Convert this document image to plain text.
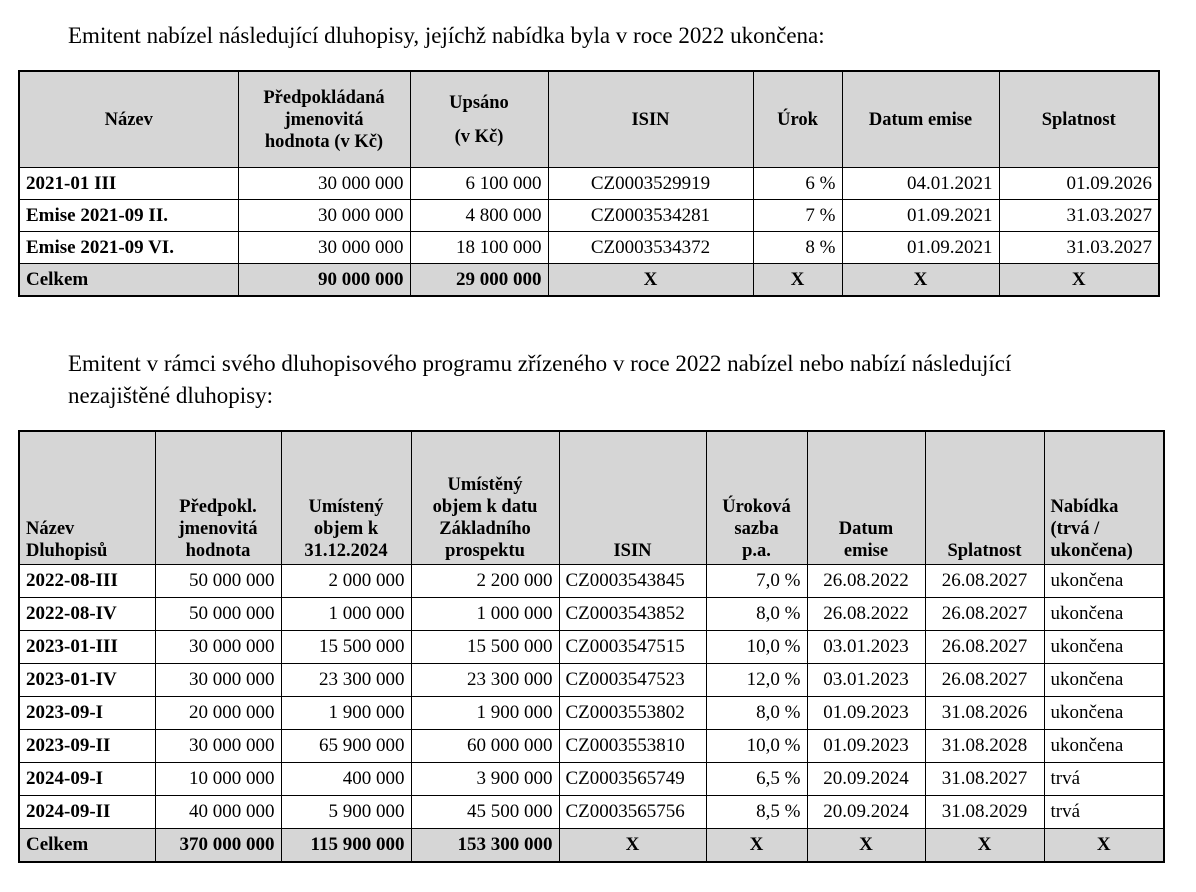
Emitent nabízel následující dluhopisy, jejíchž nabídka byla v roce 2022 ukončena:

Název	Předpokládaná
jmenovitá
hodnota (v Kč)	Upsáno
(v Kč)	ISIN	Úrok	Datum emise	Splatnost
2021-01 III	30 000 000	6 100 000	CZ0003529919	6 %	04.01.2021	01.09.2026
Emise 2021-09 II.	30 000 000	4 800 000	CZ0003534281	7 %	01.09.2021	31.03.2027
Emise 2021-09 VI.	30 000 000	18 100 000	CZ0003534372	8 %	01.09.2021	31.03.2027
Celkem	90 000 000	29 000 000	X	X	X	X

Emitent v rámci svého dluhopisového programu zřízeného v roce 2022 nabízel nebo nabízí následující
nezajištěné dluhopisy:

Název
Dluhopisů	Předpokl.
jmenovitá
hodnota	Umístený
objem k
31.12.2024	Umístěný
objem k datu
Základního
prospektu	ISIN	Úroková
sazba
p.a.	Datum
emise	Splatnost	Nabídka
(trvá /
ukončena)
2022-08-III	50 000 000	2 000 000	2 200 000	CZ0003543845	7,0 %	26.08.2022	26.08.2027	ukončena
2022-08-IV	50 000 000	1 000 000	1 000 000	CZ0003543852	8,0 %	26.08.2022	26.08.2027	ukončena
2023-01-III	30 000 000	15 500 000	15 500 000	CZ0003547515	10,0 %	03.01.2023	26.08.2027	ukončena
2023-01-IV	30 000 000	23 300 000	23 300 000	CZ0003547523	12,0 %	03.01.2023	26.08.2027	ukončena
2023-09-I	20 000 000	1 900 000	1 900 000	CZ0003553802	8,0 %	01.09.2023	31.08.2026	ukončena
2023-09-II	30 000 000	65 900 000	60 000 000	CZ0003553810	10,0 %	01.09.2023	31.08.2028	ukončena
2024-09-I	10 000 000	400 000	3 900 000	CZ0003565749	6,5 %	20.09.2024	31.08.2027	trvá
2024-09-II	40 000 000	5 900 000	45 500 000	CZ0003565756	8,5 %	20.09.2024	31.08.2029	trvá
Celkem	370 000 000	115 900 000	153 300 000	X	X	X	X	X
